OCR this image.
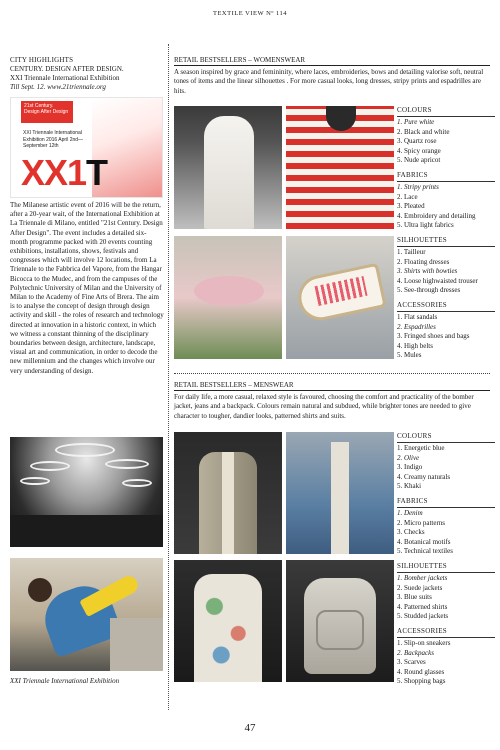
TEXTILE VIEW Nº 114
CITY HIGHLIGHTS
CENTURY. DESIGN AFTER DESIGN.
XXI Triennale International Exhibition
Till Sept. 12. www.21triennale.org
21st Century. Design After Design
XXI Triennale International Exhibition 2016 April 2nd—September 12th
XX1T
The Milanese artistic event of 2016 will be the return, after a 20-year wait, of the International Exhibition at La Triennale di Milano, entitled "21st Century. Design After Design". The event includes a detailed six-month programme packed with 20 events counting exhibitions, installations, shows, festivals and congresses which will involve 12 locations, from La Triennale to the Fabbrica del Vapore, from the Hangar Bicocca to the Mudec, and from the campuses of the Polytechnic University of Milan and the University of Milan to the Academy of Fine Arts of Brera. The aim is to analyse the concept of design through design activity and skill - the roles of research and technology directed at innovation in a historic context, in which we witness a constant thinning of the disciplinary boundaries between design, architecture, landscape, visual art and communication, in order to decode the new millennium and the changes which involve our very understanding of design.
XXI Triennale International Exhibition
RETAIL BESTSELLERS – WOMENSWEAR
A season inspired by grace and femininity, where laces, embroideries, bows and detailing valorise soft, neutral tones of items and the linear silhouettes . For more casual looks, long dresses, stripy prints and espadrilles are hits.
COLOURS
1. Pure white
2. Black and white
3. Quartz rose
4. Spicy orange
5. Nude apricot
FABRICS
1. Stripy prints
2. Lace
3. Pleated
4. Embroidery and detailing
5. Ultra light fabrics
SILHOUETTES
1. Tailleur
2. Floating dresses
3. Shirts with bowties
4. Loose highwaisted trouser
5. See-through dresses
ACCESSORIES
1. Flat sandals
2. Espadrilles
3. Fringed shoes and bags
4. High belts
5. Mules
RETAIL BESTSELLERS – MENSWEAR
For daily life, a more casual, relaxed style is favoured, choosing the comfort and practicality of the bomber jacket, jeans and a backpack. Colours remain natural and subdued, while brighter tones are needed to give character to tougher, dandier looks, patterned shirts and suits.
COLOURS
1. Energetic blue
2. Olive
3. Indigo
4. Creamy naturals
5. Khaki
FABRICS
1. Denim
2. Micro patterns
3. Checks
4. Botanical motifs
5. Technical textiles
SILHOUETTES
1. Bomber jackets
2. Suede jackets
3. Blue suits
4. Patterned shirts
5. Studded jackets
ACCESSORIES
1. Slip-on sneakers
2. Backpacks
3. Scarves
4. Round glasses
5. Shopping bags
47
